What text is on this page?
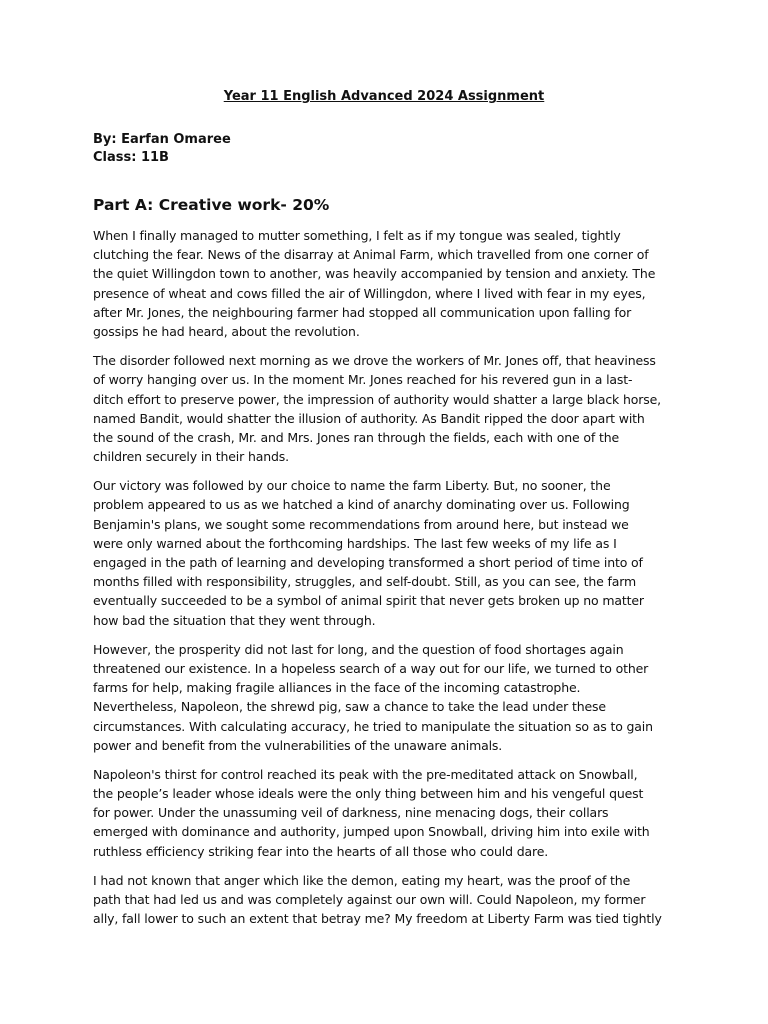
Year 11 English Advanced 2024 Assignment
By: Earfan Omaree
Class: 11B
Part A: Creative work- 20%
When I finally managed to mutter something, I felt as if my tongue was sealed, tightly
clutching the fear. News of the disarray at Animal Farm, which travelled from one corner of
the quiet Willingdon town to another, was heavily accompanied by tension and anxiety. The
presence of wheat and cows filled the air of Willingdon, where I lived with fear in my eyes,
after Mr. Jones, the neighbouring farmer had stopped all communication upon falling for
gossips he had heard, about the revolution.
The disorder followed next morning as we drove the workers of Mr. Jones off, that heaviness
of worry hanging over us. In the moment Mr. Jones reached for his revered gun in a last-
ditch effort to preserve power, the impression of authority would shatter a large black horse,
named Bandit, would shatter the illusion of authority. As Bandit ripped the door apart with
the sound of the crash, Mr. and Mrs. Jones ran through the fields, each with one of the
children securely in their hands.
Our victory was followed by our choice to name the farm Liberty. But, no sooner, the
problem appeared to us as we hatched a kind of anarchy dominating over us. Following
Benjamin's plans, we sought some recommendations from around here, but instead we
were only warned about the forthcoming hardships. The last few weeks of my life as I
engaged in the path of learning and developing transformed a short period of time into of
months filled with responsibility, struggles, and self-doubt. Still, as you can see, the farm
eventually succeeded to be a symbol of animal spirit that never gets broken up no matter
how bad the situation that they went through.
However, the prosperity did not last for long, and the question of food shortages again
threatened our existence. In a hopeless search of a way out for our life, we turned to other
farms for help, making fragile alliances in the face of the incoming catastrophe.
Nevertheless, Napoleon, the shrewd pig, saw a chance to take the lead under these
circumstances. With calculating accuracy, he tried to manipulate the situation so as to gain
power and benefit from the vulnerabilities of the unaware animals.
Napoleon's thirst for control reached its peak with the pre-meditated attack on Snowball,
the people’s leader whose ideals were the only thing between him and his vengeful quest
for power. Under the unassuming veil of darkness, nine menacing dogs, their collars
emerged with dominance and authority, jumped upon Snowball, driving him into exile with
ruthless efficiency striking fear into the hearts of all those who could dare.
I had not known that anger which like the demon, eating my heart, was the proof of the
path that had led us and was completely against our own will. Could Napoleon, my former
ally, fall lower to such an extent that betray me? My freedom at Liberty Farm was tied tightly
